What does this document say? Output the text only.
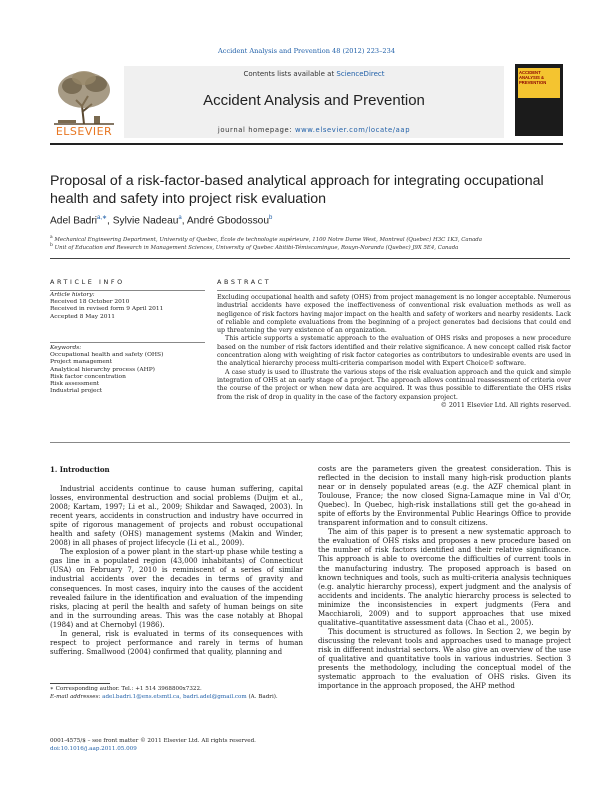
Accident Analysis and Prevention 48 (2012) 223–234
ELSEVIER
Contents lists available at ScienceDirect
Accident Analysis and Prevention
journal homepage: www.elsevier.com/locate/aap
ACCIDENT ANALYSIS & PREVENTION
Proposal of a risk-factor-based analytical approach for integrating occupational health and safety into project risk evaluation
Adel Badri$^{a,∗}$, Sylvie Nadeau$^a$, André Gbodossou$^b$
$^a$ Mechanical Engineering Department, University of Quebec, École de technologie supérieure, 1100 Notre Dame West, Montreal (Quebec) H3C 1K3, Canada
$^b$ Unit of Education and Research in Management Sciences, University of Quebec Abitibi-Témiscamingue, Rouyn-Noranda (Quebec) J9X 5E4, Canada
ARTICLE INFO
Article history:
Received 18 October 2010
Received in revised form 9 April 2011
Accepted 8 May 2011
Keywords:
Occupational health and safety (OHS)
Project management
Analytical hierarchy process (AHP)
Risk factor concentration
Risk assessment
Industrial project
ABSTRACT

Excluding occupational health and safety (OHS) from project management is no longer acceptable. Numerous industrial accidents have exposed the ineffectiveness of conventional risk evaluation methods as well as negligence of risk factors having major impact on the health and safety of workers and nearby residents. Lack of reliable and complete evaluations from the beginning of a project generates bad decisions that could end up threatening the very existence of an organization.

This article supports a systematic approach to the evaluation of OHS risks and proposes a new procedure based on the number of risk factors identified and their relative significance. A new concept called risk factor concentration along with weighting of risk factor categories as contributors to undesirable events are used in the analytical hierarchy process multi-criteria comparison model with Expert Choice© software.

A case study is used to illustrate the various steps of the risk evaluation approach and the quick and simple integration of OHS at an early stage of a project. The approach allows continual reassessment of criteria over the course of the project or when new data are acquired. It was thus possible to differentiate the OHS risks from the risk of drop in quality in the case of the factory expansion project.

© 2011 Elsevier Ltd. All rights reserved.

1. Introduction

Industrial accidents continue to cause human suffering, capital losses, environmental destruction and social problems (Duijm et al., 2008; Kartam, 1997; Li et al., 2009; Shikdar and Sawaqed, 2003). In recent years, accidents in construction and industry have occurred in spite of rigorous management of projects and robust occupational health and safety (OHS) management systems (Makin and Winder, 2008) in all phases of project lifecycle (Li et al., 2009).

The explosion of a power plant in the start-up phase while testing a gas line in a populated region (43,000 inhabitants) of Connecticut (USA) on February 7, 2010 is reminiscent of a series of similar industrial accidents over the decades in terms of gravity and consequences. In most cases, inquiry into the causes of the accident revealed failure in the identification and evaluation of the impending risks, placing at peril the health and safety of human beings on site and in the surrounding areas. This was the case notably at Bhopal (1984) and at Chernobyl (1986).

In general, risk is evaluated in terms of its consequences with respect to project performance and rarely in terms of human suffering. Smallwood (2004) confirmed that quality, planning and

costs are the parameters given the greatest consideration. This is reflected in the decision to install many high-risk production plants near or in densely populated areas (e.g. the AZF chemical plant in Toulouse, France; the now closed Signa-Lamaque mine in Val d'Or, Quebec). In Quebec, high-risk installations still get the go-ahead in spite of efforts by the Environmental Public Hearings Office to provide transparent information and to consult citizens.

The aim of this paper is to present a new systematic approach to the evaluation of OHS risks and proposes a new procedure based on the number of risk factors identified and their relative significance. This approach is able to overcome the difficulties of current tools in the manufacturing industry. The proposed approach is based on known techniques and tools, such as multi-criteria analysis techniques (e.g. analytic hierarchy process), expert judgment and the analysis of accidents and incidents. The analytic hierarchy process is selected to minimize the inconsistencies in expert judgments (Fera and Macchiaroli, 2009) and to support approaches that use mixed qualitative–quantitative assessment data (Chao et al., 2005).

This document is structured as follows. In Section 2, we begin by discussing the relevant tools and approaches used to manage project risk in different industrial sectors. We also give an overview of the use of qualitative and quantitative tools in various industries. Section 3 presents the methodology, including the conceptual model of the systematic approach to the evaluation of OHS risks. Given its importance in the approach proposed, the AHP method

∗ Corresponding author. Tel.: +1 514 3968800x7322.
E-mail addresses: adel.badri.1@ens.etsmtl.ca, badri.adel@gmail.com (A. Badri).
0001-4575/$ – see front matter © 2011 Elsevier Ltd. All rights reserved.
doi:10.1016/j.aap.2011.05.009
